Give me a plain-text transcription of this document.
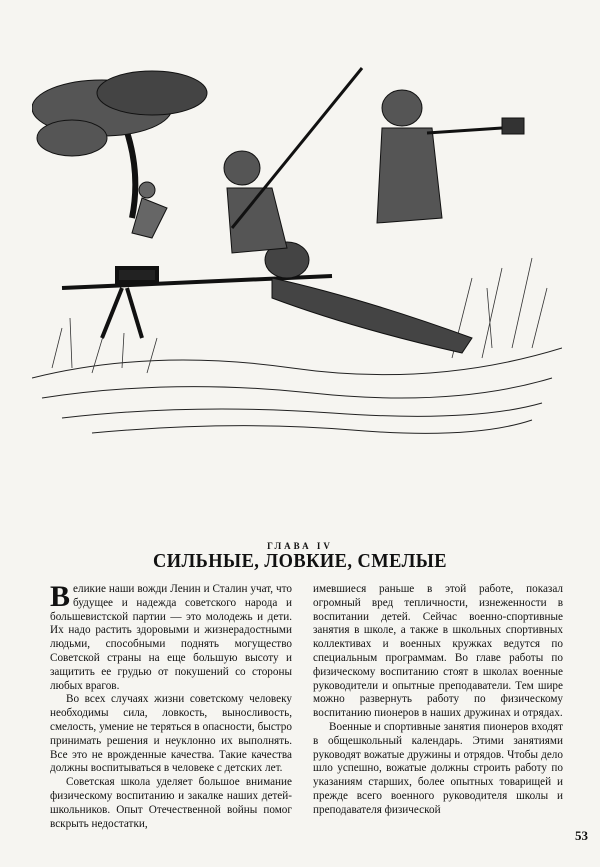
ГЛАВА IV
СИЛЬНЫЕ, ЛОВКИЕ, СМЕЛЫЕ

Великие наши вожди Ленин и Сталин учат, что будущее и надежда советского народа и большевистской партии — это молодежь и дети. Их надо растить здоровыми и жизнерадостными людьми, способными поднять могущество Советской страны на еще большую высоту и защитить ее грудью от покушений со стороны любых врагов.

Во всех случаях жизни советскому человеку необходимы сила, ловкость, выносливость, смелость, умение не теряться в опасности, быстро принимать решения и неуклонно их выполнять. Все это не врожденные качества. Такие качества должны воспитываться в человеке с детских лет.

Советская школа уделяет большое внимание физическому воспитанию и закалке наших детей-школьников. Опыт Отечественной войны помог вскрыть недостатки,

имевшиеся раньше в этой работе, показал огромный вред тепличности, изнеженности в воспитании детей. Сейчас военно-спортивные занятия в школе, а также в школьных спортивных коллективах и военных кружках ведутся по специальным программам. Во главе работы по физическому воспитанию стоят в школах военные руководители и опытные преподаватели. Тем шире можно развернуть работу по физическому воспитанию пионеров в наших дружинах и отрядах.

Военные и спортивные занятия пионеров входят в общешкольный календарь. Этими занятиями руководят вожатые дружины и отрядов. Чтобы дело шло успешно, вожатые должны строить работу по указаниям старших, более опытных товарищей и прежде всего военного руководителя школы и преподавателя физической

53
